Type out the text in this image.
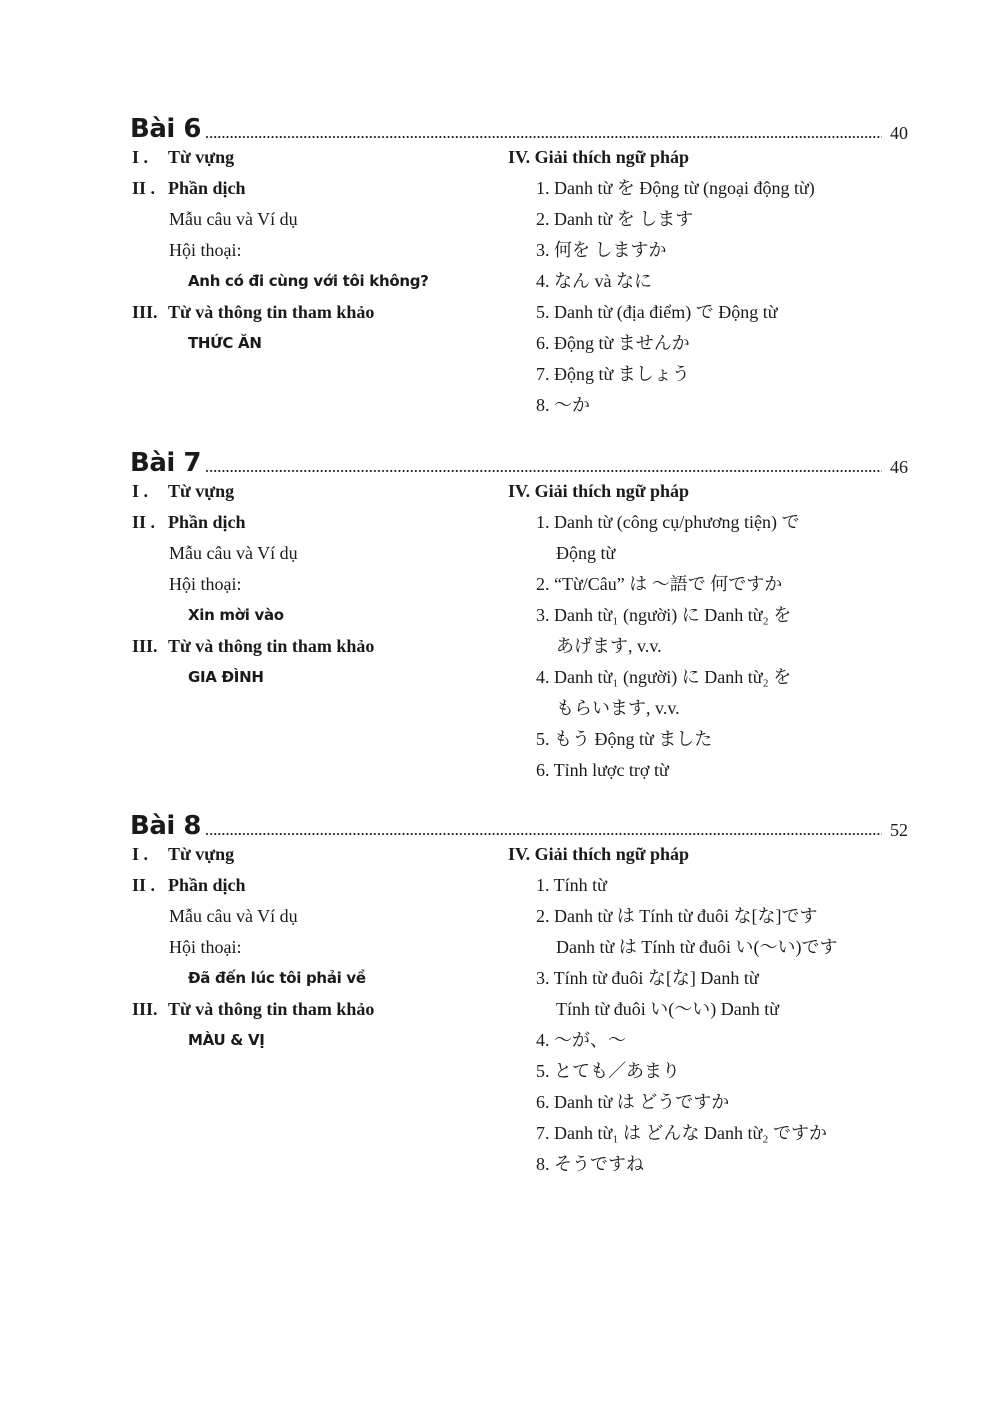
Bài 6	40
I . Từ vựng
II . Phần dịch
Mẫu câu và Ví dụ
Hội thoại:
Anh có đi cùng với tôi không?
III. Từ và thông tin tham khảo
THỨC ĂN
IV. Giải thích ngữ pháp
1. Danh từ を Động từ (ngoại động từ)
2. Danh từ を します
3. 何を しますか
4. なん và なに
5. Danh từ (địa điểm) で Động từ
6. Động từ ませんか
7. Động từ ましょう
8. ～か
Bài 7	46
I . Từ vựng
II . Phần dịch
Mẫu câu và Ví dụ
Hội thoại:
Xin mời vào
III. Từ và thông tin tham khảo
GIA ĐÌNH
IV. Giải thích ngữ pháp
1. Danh từ (công cụ/phương tiện) で
Động từ
2. “Từ/Câu” は ～語で 何ですか
3. Danh từ₁ (người) に Danh từ₂ を
あげます, v.v.
4. Danh từ₁ (người) に Danh từ₂ を
もらいます, v.v.
5. もう Động từ ました
6. Tỉnh lược trợ từ
Bài 8	52
I . Từ vựng
II . Phần dịch
Mẫu câu và Ví dụ
Hội thoại:
Đã đến lúc tôi phải về
III. Từ và thông tin tham khảo
MÀU & VỊ
IV. Giải thích ngữ pháp
1. Tính từ
2. Danh từ は Tính từ đuôi な[な]です
Danh từ は Tính từ đuôi い(～い)です
3. Tính từ đuôi な[な] Danh từ
Tính từ đuôi い(～い) Danh từ
4. ～が、～
5. とても／あまり
6. Danh từ は どうですか
7. Danh từ₁ は どんな Danh từ₂ ですか
8. そうですね
